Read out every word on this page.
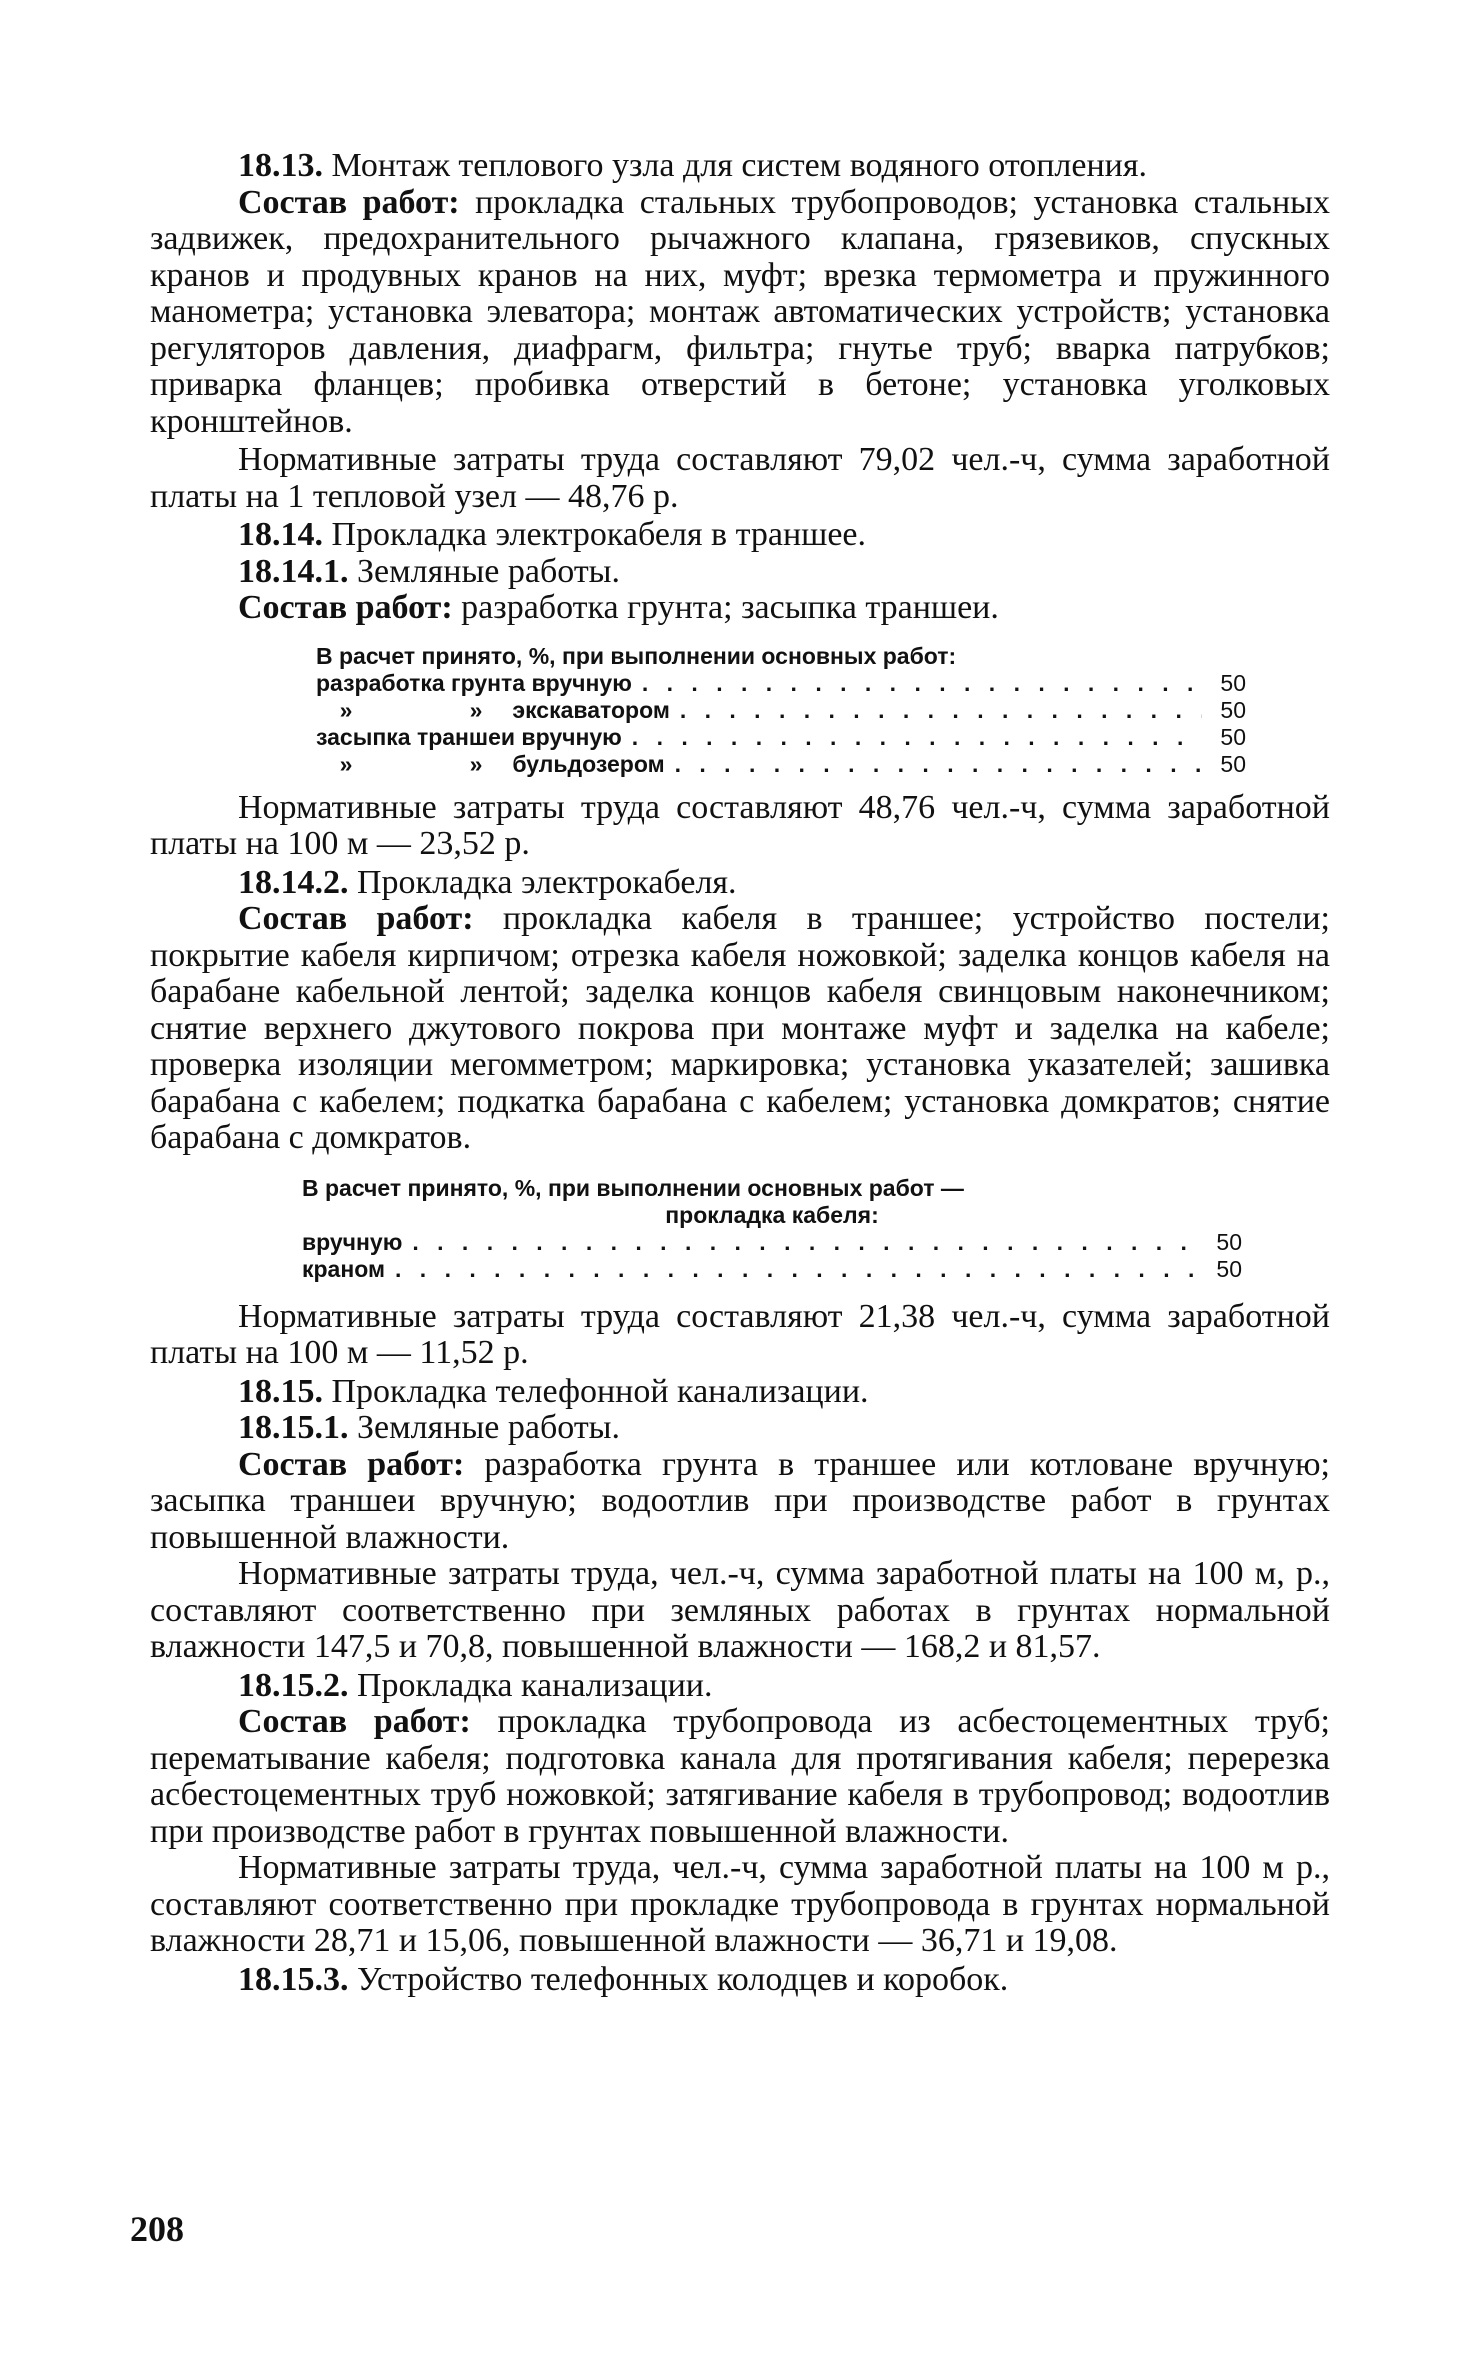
18.13. Монтаж теплового узла для систем водяного отопления.

Состав работ: прокладка стальных трубопроводов; установка стальных задвижек, предохранительного рычажного клапана, грязевиков, спускных кранов и продувных кранов на них, муфт; врезка термометра и пружинного манометра; установка элеватора; монтаж автоматических устройств; установка регуляторов давления, диафрагм, фильтра; гнутье труб; вварка патрубков; приварка фланцев; пробивка отверстий в бетоне; установка уголковых кронштейнов.

Нормативные затраты труда составляют 79,02 чел.-ч, сумма заработной платы на 1 тепловой узел — 48,76 р.

18.14. Прокладка электрокабеля в траншее.

18.14.1. Земляные работы.

Состав работ: разработка грунта; засыпка траншеи.

В расчет принято, %, при выполнении основных работ:
разработка грунта вручную . . .	50
»	» экскаватором . . .	50
засыпка траншеи вручную . . .	50
»	» бульдозером . . .	50

Нормативные затраты труда составляют 48,76 чел.-ч, сумма заработной платы на 100 м — 23,52 р.

18.14.2. Прокладка электрокабеля.

Состав работ: прокладка кабеля в траншее; устройство постели; покрытие кабеля кирпичом; отрезка кабеля ножовкой; заделка концов кабеля на барабане кабельной лентой; заделка концов кабеля свинцовым наконечником; снятие верхнего джутового покрова при монтаже муфт и заделка на кабеле; проверка изоляции мегомметром; маркировка; установка указателей; зашивка барабана с кабелем; подкатка барабана с кабелем; установка домкратов; снятие барабана с домкратов.

В расчет принято, %, при выполнении основных работ —
прокладка кабеля:
вручную . . .	50
краном . . .	50

Нормативные затраты труда составляют 21,38 чел.-ч, сумма заработной платы на 100 м — 11,52 р.

18.15. Прокладка телефонной канализации.

18.15.1. Земляные работы.

Состав работ: разработка грунта в траншее или котловане вручную; засыпка траншеи вручную; водоотлив при производстве работ в грунтах повышенной влажности.

Нормативные затраты труда, чел.-ч, сумма заработной платы на 100 м, р., составляют соответственно при земляных работах в грунтах нормальной влажности 147,5 и 70,8, повышенной влажности — 168,2 и 81,57.

18.15.2. Прокладка канализации.

Состав работ: прокладка трубопровода из асбестоцементных труб; перематывание кабеля; подготовка канала для протягивания кабеля; перерезка асбестоцементных труб ножовкой; затягивание кабеля в трубопровод; водоотлив при производстве работ в грунтах повышенной влажности.

Нормативные затраты труда, чел.-ч, сумма заработной платы на 100 м р., составляют соответственно при прокладке трубопровода в грунтах нормальной влажности 28,71 и 15,06, повышенной влажности — 36,71 и 19,08.

18.15.3. Устройство телефонных колодцев и коробок.

208
